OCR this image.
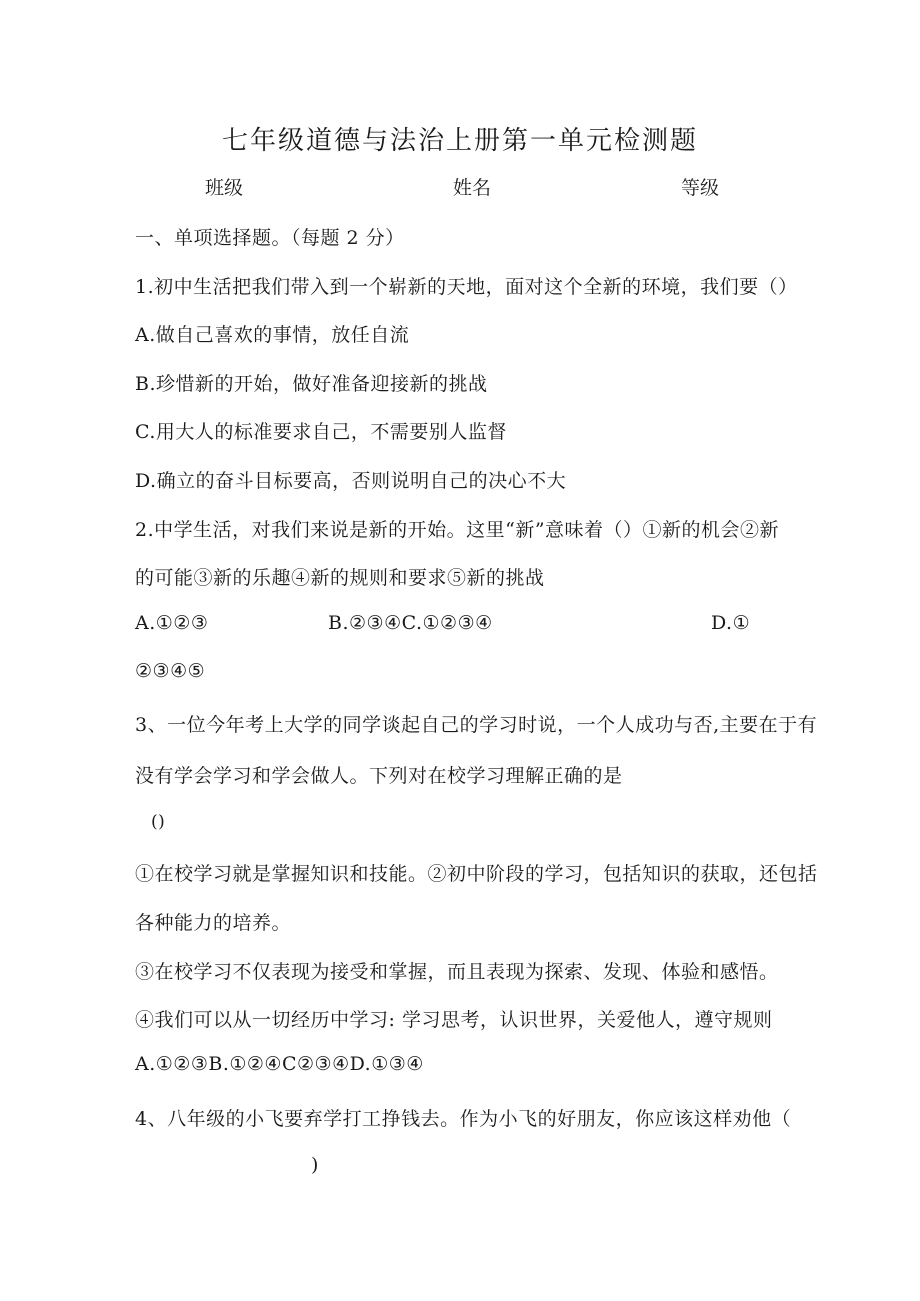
七年级道德与法治上册第一单元检测题
班级	姓名	等级
一、单项选择题。（每题 2 分）
1.初中生活把我们带入到一个崭新的天地，面对这个全新的环境，我们要（）
A.做自己喜欢的事情，放任自流
B.珍惜新的开始，做好准备迎接新的挑战
C.用大人的标准要求自己，不需要别人监督
D.确立的奋斗目标要高，否则说明自己的决心不大
2.中学生活，对我们来说是新的开始。这里“新”意味着（）①新的机会②新
的可能③新的乐趣④新的规则和要求⑤新的挑战
A.①②③	B.②③④C.①②③④	D.①
②③④⑤
3、一位今年考上大学的同学谈起自己的学习时说，一个人成功与否,主要在于有
没有学会学习和学会做人。下列对在校学习理解正确的是
()
①在校学习就是掌握知识和技能。②初中阶段的学习，包括知识的获取，还包括
各种能力的培养。
③在校学习不仅表现为接受和掌握，而且表现为探索、发现、体验和感悟。
④我们可以从一切经历中学习: 学习思考，认识世界，关爱他人，遵守规则
A.①②③B.①②④C②③④D.①③④
4、八年级的小飞要弃学打工挣钱去。作为小飞的好朋友，你应该这样劝他（
)
